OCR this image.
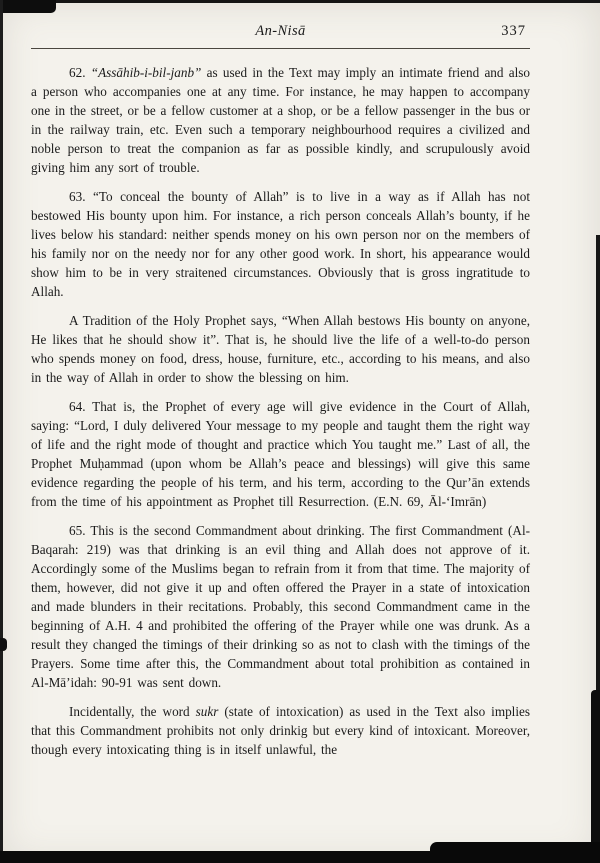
An-Nisā	337

62. “Assāhib-i-bil-janb” as used in the Text may imply an intimate friend and also a person who accompanies one at any time. For instance, he may happen to accompany one in the street, or be a fellow customer at a shop, or be a fellow passenger in the bus or in the railway train, etc. Even such a temporary neighbourhood requires a civilized and noble person to treat the companion as far as possible kindly, and scrupulously avoid giving him any sort of trouble.

63. “To conceal the bounty of Allah” is to live in a way as if Allah has not bestowed His bounty upon him. For instance, a rich person conceals Allah’s bounty, if he lives below his standard: neither spends money on his own person nor on the members of his family nor on the needy nor for any other good work. In short, his appearance would show him to be in very straitened circumstances. Obviously that is gross ingratitude to Allah.

A Tradition of the Holy Prophet says, “When Allah bestows His bounty on anyone, He likes that he should show it”. That is, he should live the life of a well-to-do person who spends money on food, dress, house, furniture, etc., according to his means, and also in the way of Allah in order to show the blessing on him.

64. That is, the Prophet of every age will give evidence in the Court of Allah, saying: “Lord, I duly delivered Your message to my people and taught them the right way of life and the right mode of thought and practice which You taught me.” Last of all, the Prophet Muḥammad (upon whom be Allah’s peace and blessings) will give this same evidence regarding the people of his term, and his term, according to the Qur’ān extends from the time of his appointment as Prophet till Resurrection. (E.N. 69, Āl-‘Imrān)

65. This is the second Commandment about drinking. The first Commandment (Al-Baqarah: 219) was that drinking is an evil thing and Allah does not approve of it. Accordingly some of the Muslims began to refrain from it from that time. The majority of them, however, did not give it up and often offered the Prayer in a state of intoxication and made blunders in their recitations. Probably, this second Commandment came in the beginning of A.H. 4 and prohibited the offering of the Prayer while one was drunk. As a result they changed the timings of their drinking so as not to clash with the timings of the Prayers. Some time after this, the Commandment about total prohibition as contained in Al-Mā’idah: 90-91 was sent down.

Incidentally, the word sukr (state of intoxication) as used in the Text also implies that this Commandment prohibits not only drinkig but every kind of intoxicant. Moreover, though every intoxicating thing is in itself unlawful, the
